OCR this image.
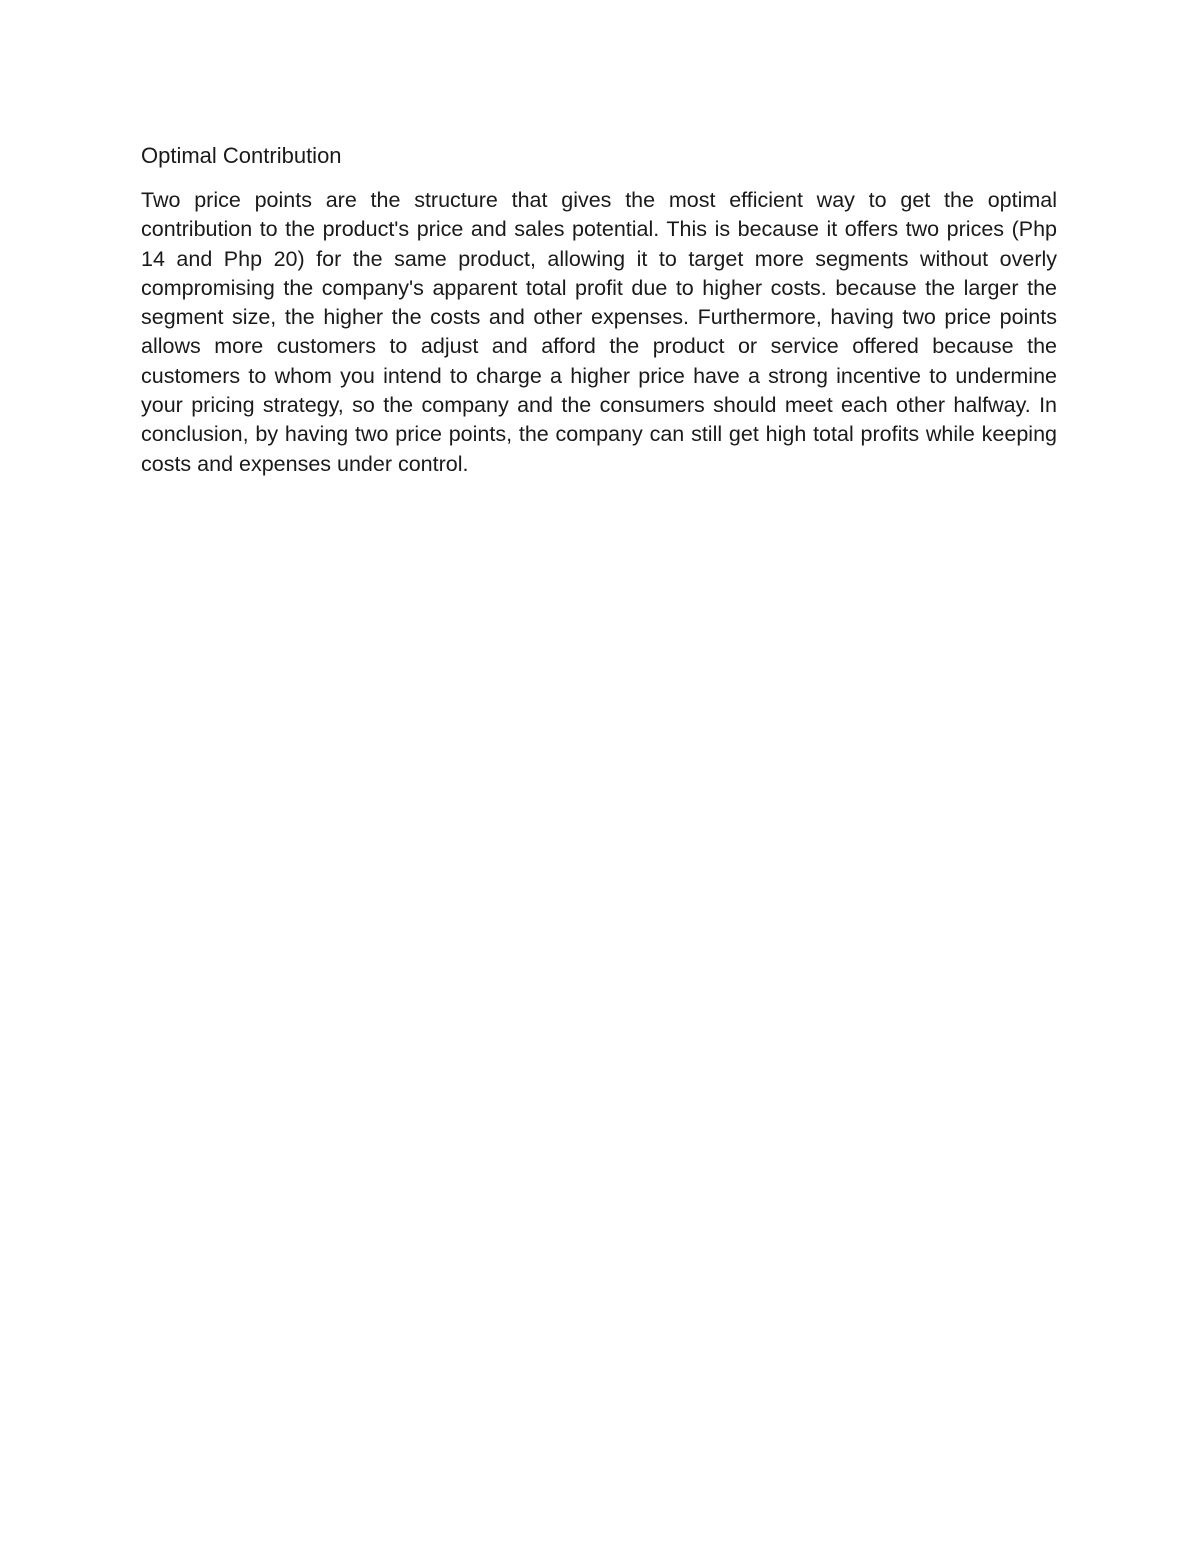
Optimal Contribution

Two price points are the structure that gives the most efficient way to get the optimal contribution to the product's price and sales potential. This is because it offers two prices (Php 14 and Php 20) for the same product, allowing it to target more segments without overly compromising the company's apparent total profit due to higher costs. because the larger the segment size, the higher the costs and other expenses. Furthermore, having two price points allows more customers to adjust and afford the product or service offered because the customers to whom you intend to charge a higher price have a strong incentive to undermine your pricing strategy, so the company and the consumers should meet each other halfway. In conclusion, by having two price points, the company can still get high total profits while keeping costs and expenses under control.
